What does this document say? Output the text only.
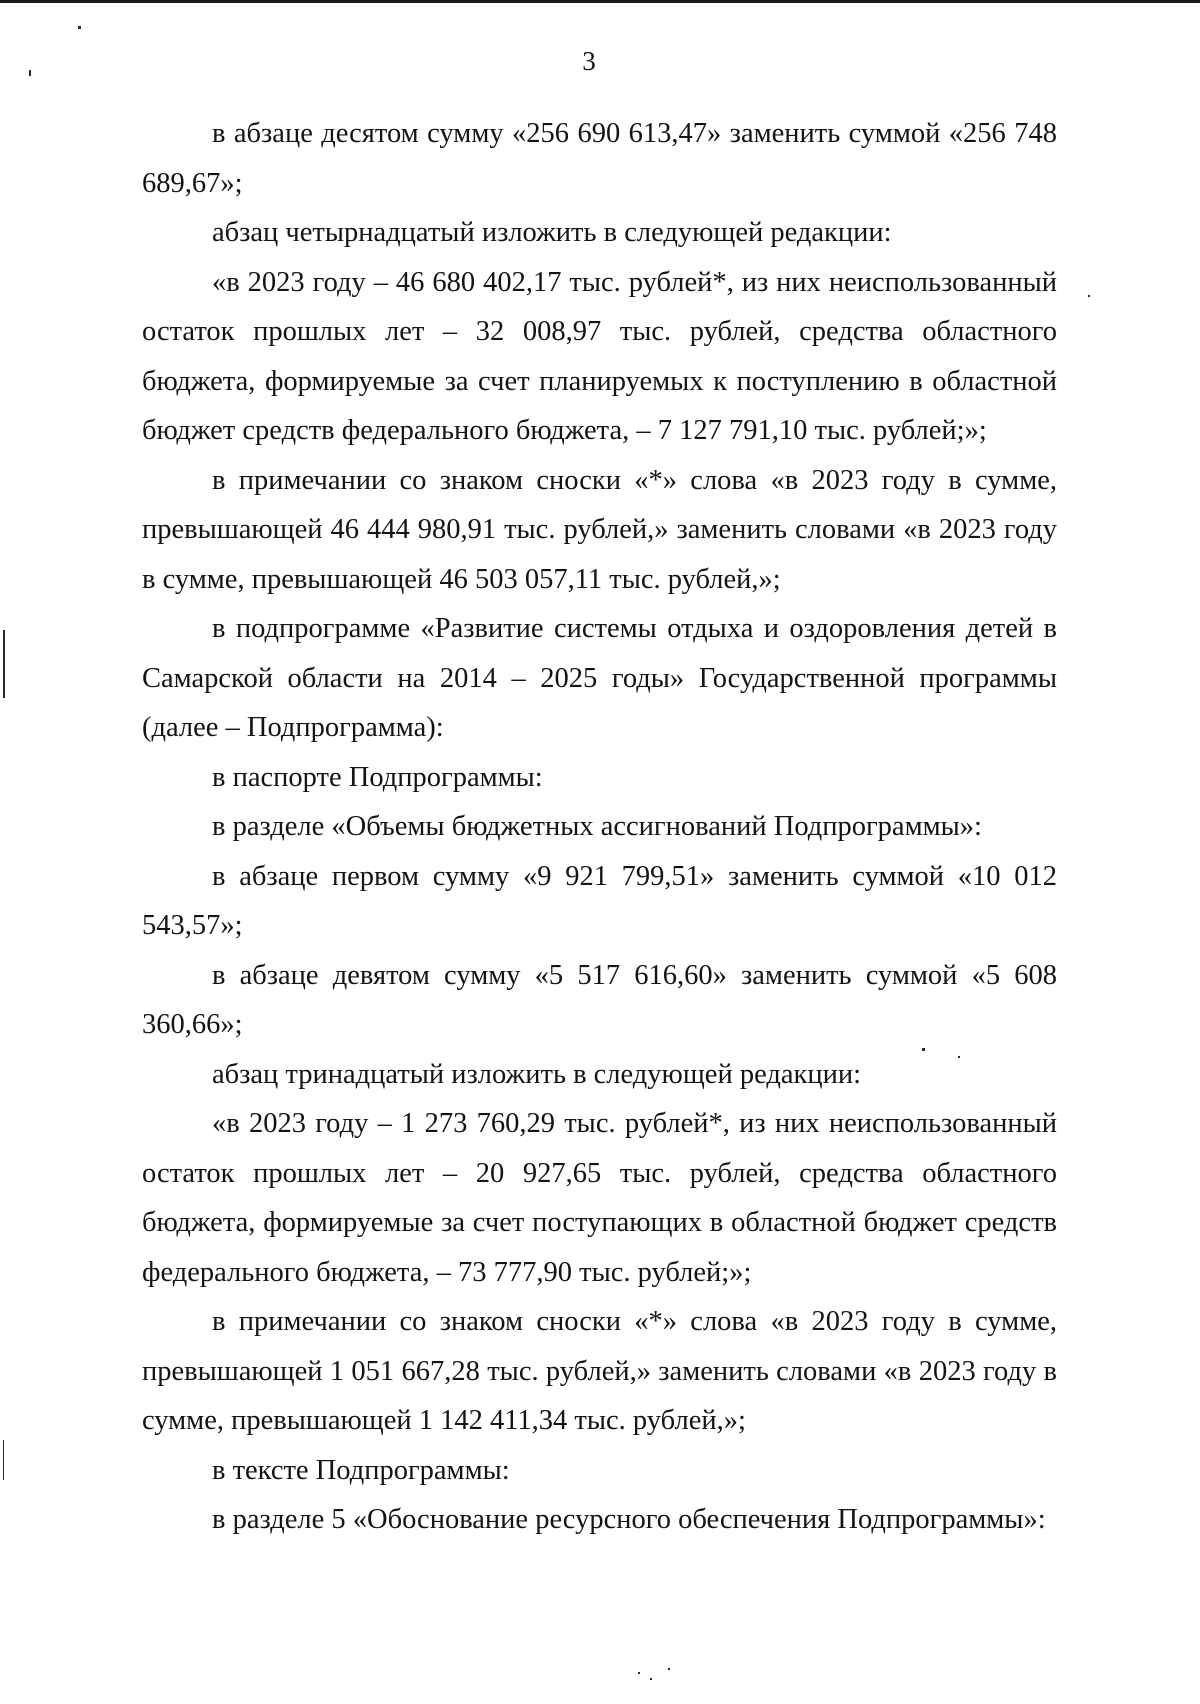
3

в абзаце десятом сумму «256 690 613,47» заменить суммой «256 748 689,67»;

абзац четырнадцатый изложить в следующей редакции:

«в 2023 году – 46 680 402,17 тыс. рублей*, из них неиспользованный остаток прошлых лет – 32 008,97 тыс. рублей, средства областного бюджета, формируемые за счет планируемых к поступлению в областной бюджет средств федерального бюджета, – 7 127 791,10 тыс. рублей;»;

в примечании со знаком сноски «*» слова «в 2023 году в сумме, превышающей 46 444 980,91 тыс. рублей,» заменить словами «в 2023 году в сумме, превышающей 46 503 057,11 тыс. рублей,»;

в подпрограмме «Развитие системы отдыха и оздоровления детей в Самарской области на 2014 – 2025 годы» Государственной программы (далее – Подпрограмма):

в паспорте Подпрограммы:

в разделе «Объемы бюджетных ассигнований Подпрограммы»:

в абзаце первом сумму «9 921 799,51» заменить суммой «10 012 543,57»;

в абзаце девятом сумму «5 517 616,60» заменить суммой «5 608 360,66»;

абзац тринадцатый изложить в следующей редакции:

«в 2023 году – 1 273 760,29 тыс. рублей*, из них неиспользованный остаток прошлых лет – 20 927,65 тыс. рублей, средства областного бюджета, формируемые за счет поступающих в областной бюджет средств федерального бюджета, – 73 777,90 тыс. рублей;»;

в примечании со знаком сноски «*» слова «в 2023 году в сумме, превышающей 1 051 667,28 тыс. рублей,» заменить словами «в 2023 году в сумме, превышающей 1 142 411,34 тыс. рублей,»;

в тексте Подпрограммы:

в разделе 5 «Обоснование ресурсного обеспечения Подпрограммы»:
